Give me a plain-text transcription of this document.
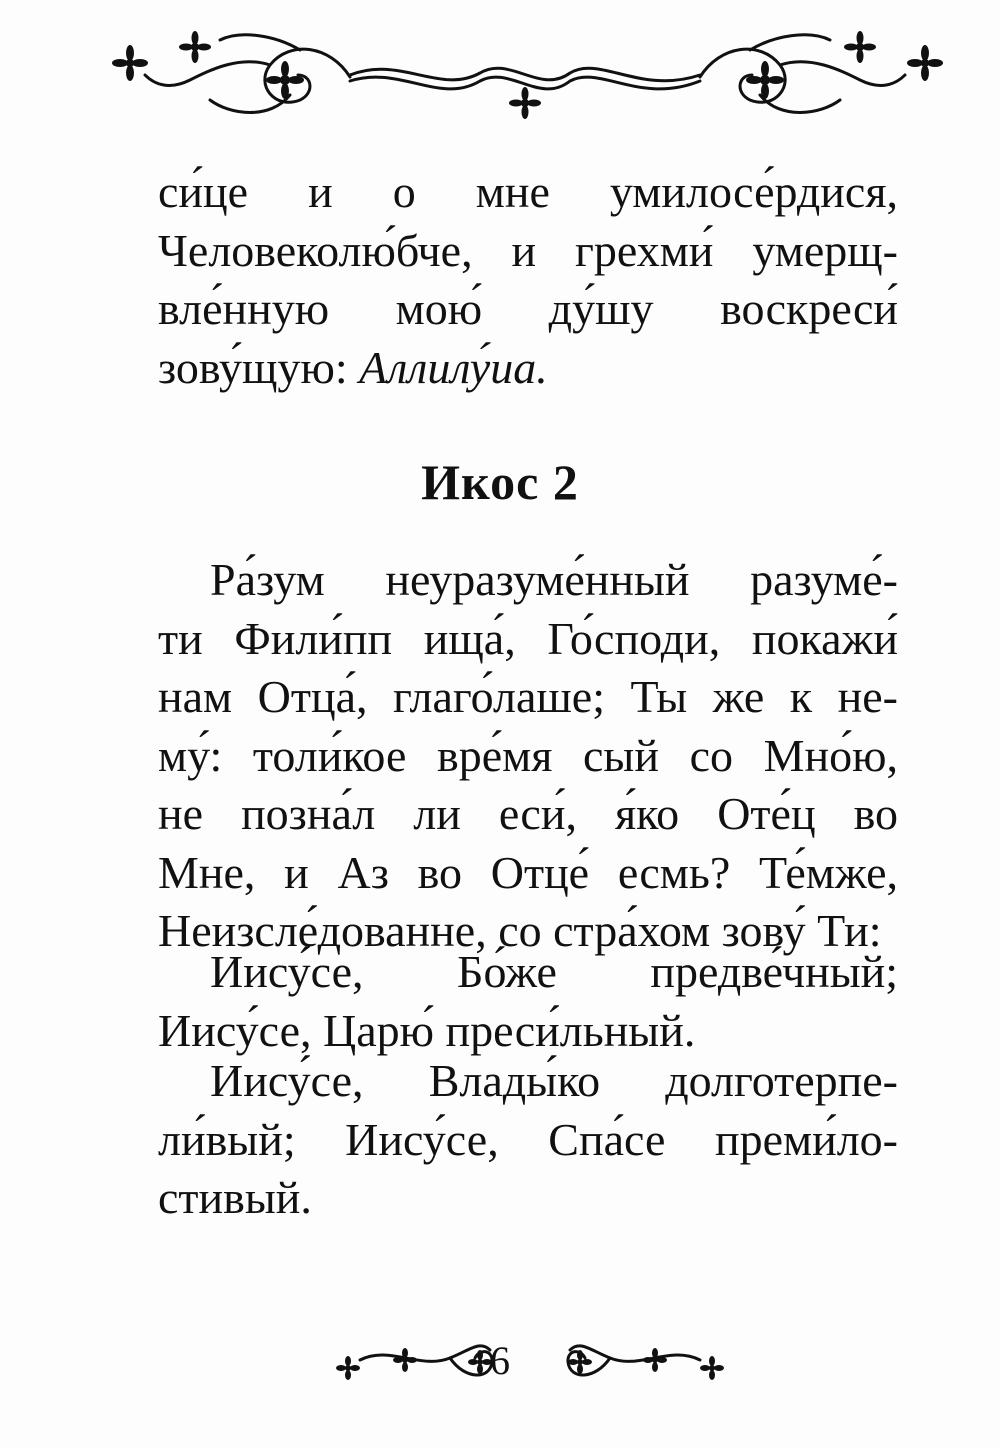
си́це и о мне умилосе́рдися,
Человеколю́бче, и грехми́ умерщ-
вле́нную мою́ ду́шу воскреси́
зову́щую: Аллилу́иа.
Икос 2
Ра́зум неуразуме́нный разуме́-
ти Фили́пп ища́, Го́споди, покажи́
нам Отца́, глаго́лаше; Ты же к не-
му́: толи́кое вре́мя сый со Мно́ю,
не позна́л ли еси́, я́ко Оте́ц во
Мне, и Аз во Отце́ есмь? Те́мже,
Неизсле́дованне, со стра́хом зову́ Ти:
Иису́се, Бо́же предве́чный;
Иису́се, Царю́ преси́льный.
Иису́се, Влады́ко долготерпе-
ли́вый; Иису́се, Спа́се преми́ло-
стивый.
6
